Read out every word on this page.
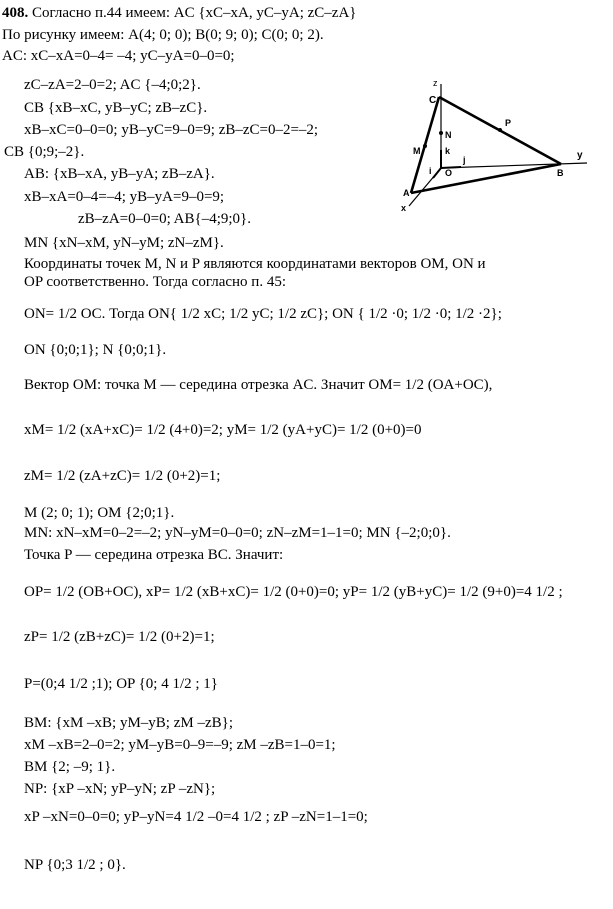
408. Согласно п.44 имеем: AC {xC–xA, yC–yA; zC–zA}
По рисунку имеем: A(4; 0; 0); B(0; 9; 0); C(0; 0; 2).
AC: xC–xA=0–4= –4; yC–yA=0–0=0;
zC–zA=2–0=2; AC {–4;0;2}.
CB {xB–xC, yB–yC; zB–zC}.
xB–xC=0–0=0; yB–yC=9–0=9; zB–zC=0–2=–2;
CB {0;9;–2}.
AB: {xB–xA, yB–yA; zB–zA}.
xB–xA=0–4=–4; yB–yA=9–0=9;
zB–zA=0–0=0; AB{–4;9;0}.
MN {xN–xM, yN–yM; zN–zM}.
Координаты точек M, N и P являются координатами векторов OM, ON и
OP соответственно. Тогда согласно п. 45:
ON= 1/2 OC. Тогда ON{ 1/2 xC; 1/2 yC; 1/2 zC}; ON { 1/2 ·0; 1/2 ·0; 1/2 ·2};
ON {0;0;1}; N {0;0;1}.
Вектор OM: точка M — середина отрезка AC. Значит OM= 1/2 (OA+OC),
xM= 1/2 (xA+xC)= 1/2 (4+0)=2; yM= 1/2 (yA+yC)= 1/2 (0+0)=0
zM= 1/2 (zA+zC)= 1/2 (0+2)=1;
M (2; 0; 1); OM {2;0;1}.
MN: xN–xM=0–2=–2; yN–yM=0–0=0; zN–zM=1–1=0; MN {–2;0;0}.
Точка P — середина отрезка BC. Значит:
OP= 1/2 (OB+OC), xP= 1/2 (xB+xC)= 1/2 (0+0)=0; yP= 1/2 (yB+yC)= 1/2 (9+0)=4 1/2 ;
zP= 1/2 (zB+zC)= 1/2 (0+2)=1;
P=(0;4 1/2 ;1); OP {0; 4 1/2 ; 1}
BM: {xM –xB; yM–yB; zM –zB};
xM –xB=2–0=2; yM–yB=0–9=–9; zM –zB=1–0=1;
BM {2; –9; 1}.
NP: {xP –xN; yP–yN; zP –zN};
xP –xN=0–0=0; yP–yN=4 1/2 –0=4 1/2 ; zP –zN=1–1=0;
NP {0;3 1/2 ; 0}.
z
C
P
M
N
k
j
i O
y
B
A
x
